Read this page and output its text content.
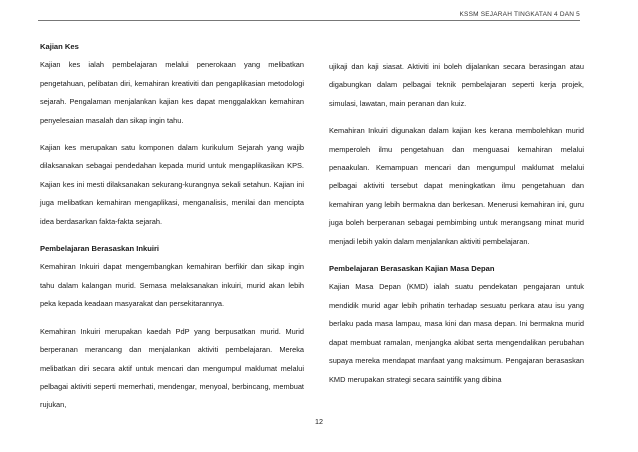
KSSM SEJARAH TINGKATAN 4 DAN 5
Kajian Kes

Kajian kes ialah pembelajaran melalui penerokaan yang melibatkan pengetahuan, pelibatan diri, kemahiran kreativiti dan pengaplikasian metodologi sejarah. Pengalaman menjalankan kajian kes dapat menggalakkan kemahiran penyelesaian masalah dan sikap ingin tahu.

Kajian kes merupakan satu komponen dalam kurikulum Sejarah yang wajib dilaksanakan sebagai pendedahan kepada murid untuk mengaplikasikan KPS. Kajian kes ini mesti dilaksanakan sekurang-kurangnya sekali setahun. Kajian ini juga melibatkan kemahiran mengaplikasi, menganalisis, menilai dan mencipta idea berdasarkan fakta-fakta sejarah.

Pembelajaran Berasaskan Inkuiri

Kemahiran Inkuiri dapat mengembangkan kemahiran berfikir dan sikap ingin tahu dalam kalangan murid. Semasa melaksanakan inkuiri, murid akan lebih peka kepada keadaan masyarakat dan persekitarannya.

Kemahiran Inkuiri merupakan kaedah PdP yang berpusatkan murid. Murid berperanan merancang dan menjalankan aktiviti pembelajaran. Mereka melibatkan diri secara aktif untuk mencari dan mengumpul maklumat melalui pelbagai aktiviti seperti memerhati, mendengar, menyoal, berbincang, membuat rujukan,

ujikaji dan kaji siasat. Aktiviti ini boleh dijalankan secara berasingan atau digabungkan dalam pelbagai teknik pembelajaran seperti kerja projek, simulasi, lawatan, main peranan dan kuiz.

Kemahiran Inkuiri digunakan dalam kajian kes kerana membolehkan murid memperoleh ilmu pengetahuan dan menguasai kemahiran melalui penaakulan. Kemampuan mencari dan mengumpul maklumat melalui pelbagai aktiviti tersebut dapat meningkatkan ilmu pengetahuan dan kemahiran yang lebih bermakna dan berkesan. Menerusi kemahiran ini, guru juga boleh berperanan sebagai pembimbing untuk merangsang minat murid menjadi lebih yakin dalam menjalankan aktiviti pembelajaran.

Pembelajaran Berasaskan Kajian Masa Depan

Kajian Masa Depan (KMD) ialah suatu pendekatan pengajaran untuk mendidik murid agar lebih prihatin terhadap sesuatu perkara atau isu yang berlaku pada masa lampau, masa kini dan masa depan. Ini bermakna murid dapat membuat ramalan, menjangka akibat serta mengendalikan perubahan supaya mereka mendapat manfaat yang maksimum. Pengajaran berasaskan KMD merupakan strategi secara saintifik yang dibina

12
